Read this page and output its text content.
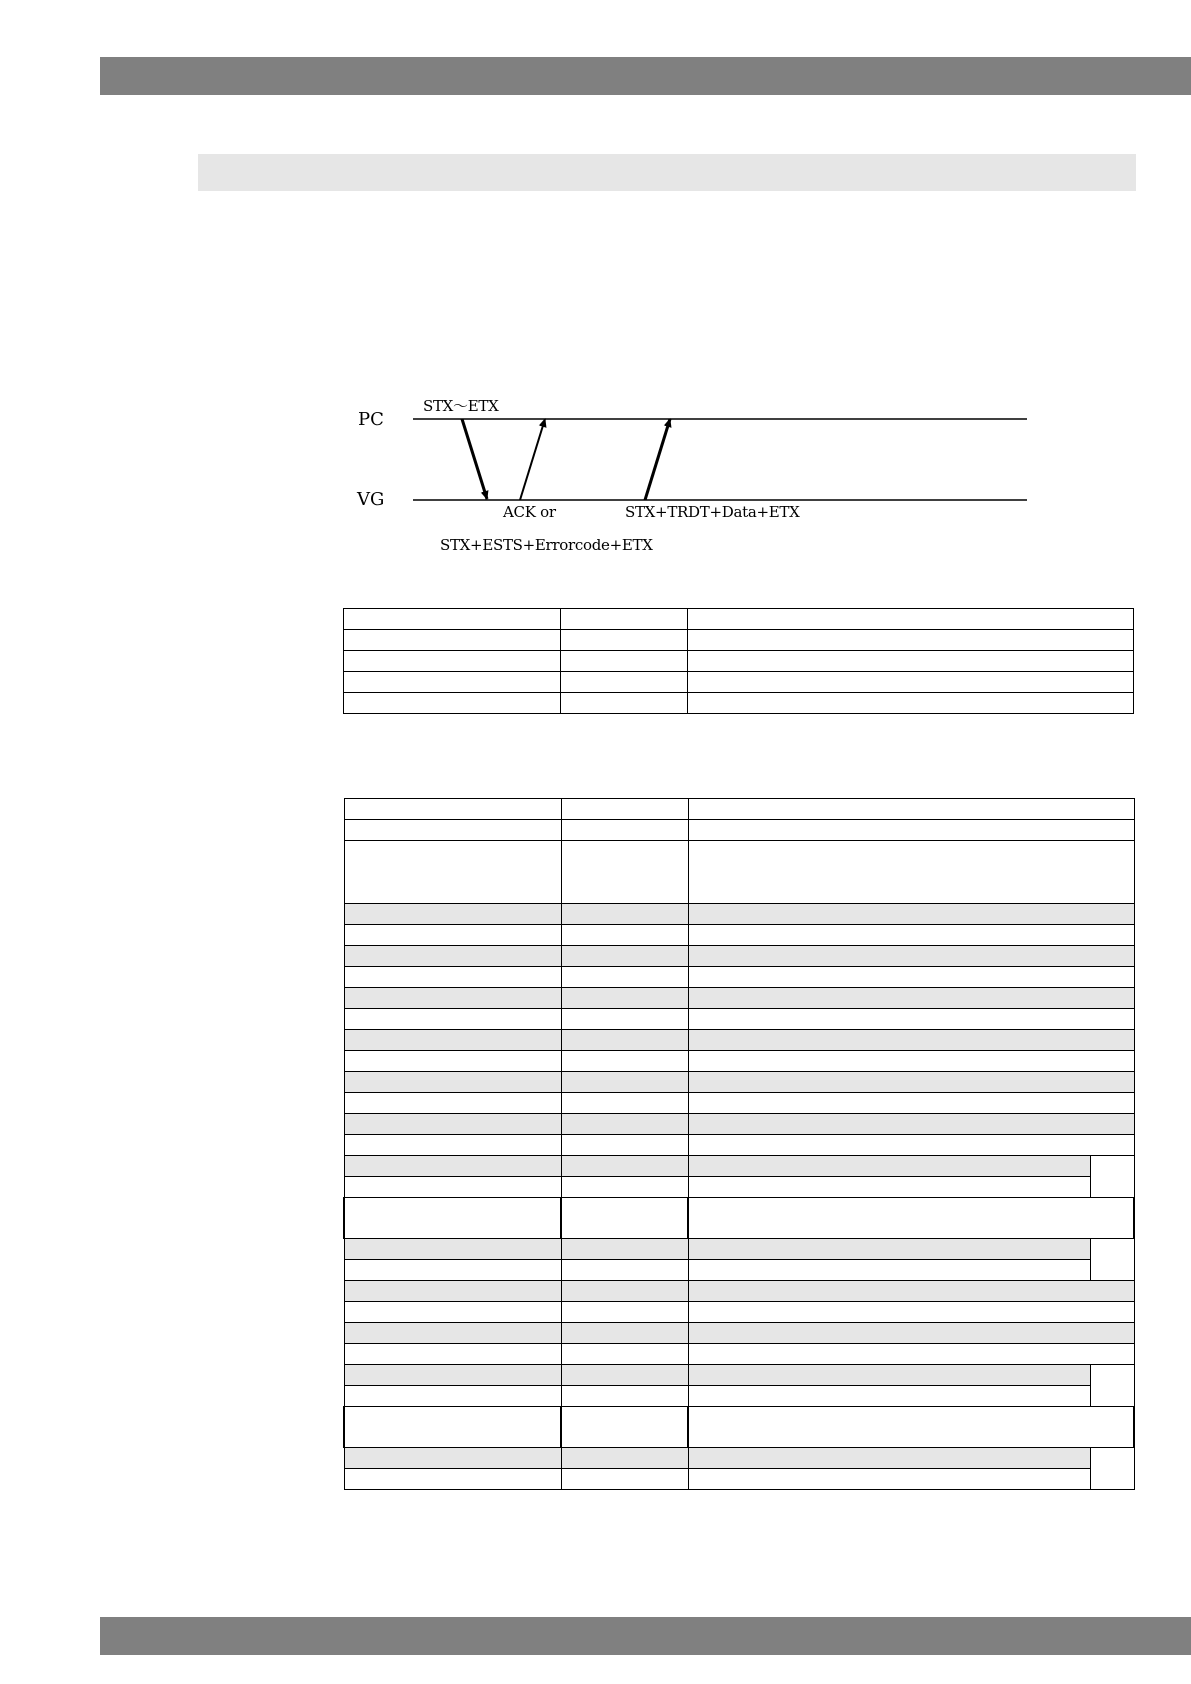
PC
VG
STX～ETX
ACK or
STX+ESTS+Errorcode+ETX
STX+TRDT+Data+ETX
